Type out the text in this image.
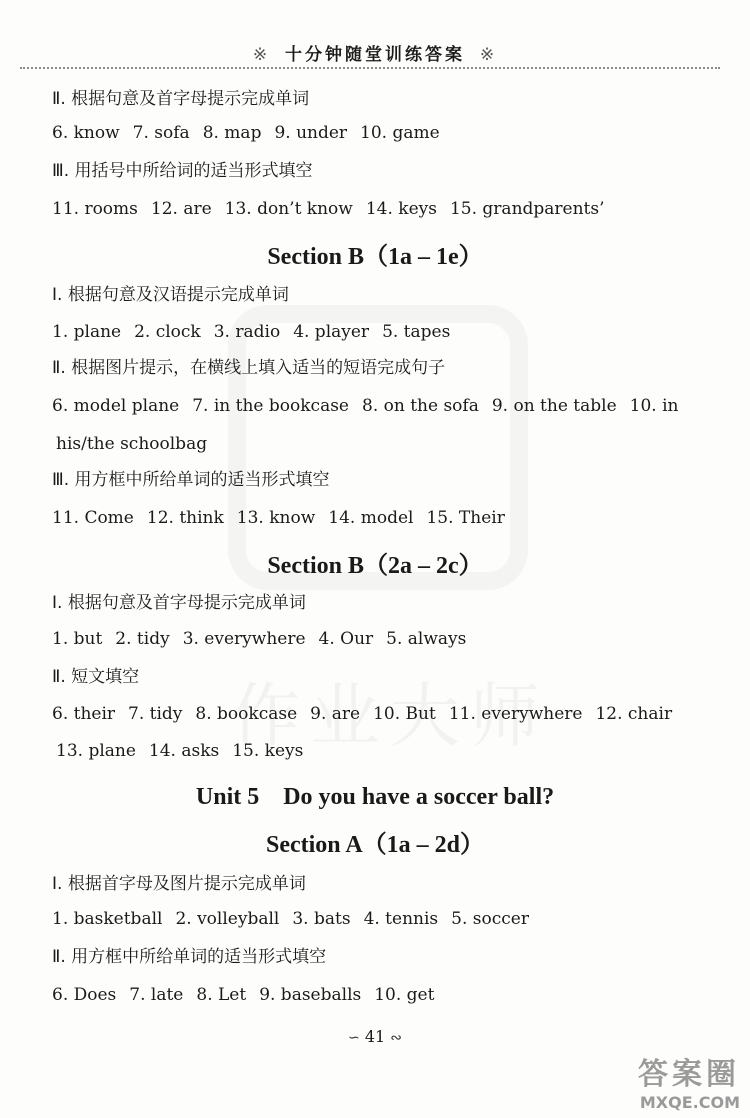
※ 十分钟随堂训练答案 ※
Ⅱ. 根据句意及首字母提示完成单词
6. know 7. sofa 8. map 9. under 10. game
Ⅲ. 用括号中所给词的适当形式填空
11. rooms 12. are 13. don’t know 14. keys 15. grandparents’
Section B（1a – 1e）
Ⅰ. 根据句意及汉语提示完成单词
1. plane 2. clock 3. radio 4. player 5. tapes
Ⅱ. 根据图片提示，在横线上填入适当的短语完成句子
6. model plane 7. in the bookcase 8. on the sofa 9. on the table 10. in
his/the schoolbag
Ⅲ. 用方框中所给单词的适当形式填空
11. Come 12. think 13. know 14. model 15. Their
Section B（2a – 2c）
Ⅰ. 根据句意及首字母提示完成单词
1. but 2. tidy 3. everywhere 4. Our 5. always
Ⅱ. 短文填空
6. their 7. tidy 8. bookcase 9. are 10. But 11. everywhere 12. chair
13. plane 14. asks 15. keys
Unit 5　Do you have a soccer ball?
Section A（1a – 2d）
Ⅰ. 根据首字母及图片提示完成单词
1. basketball 2. volleyball 3. bats 4. tennis 5. soccer
Ⅱ. 用方框中所给单词的适当形式填空
6. Does 7. late 8. Let 9. baseballs 10. get
∽ 41 ∾
答案圈
MXQE.COM
